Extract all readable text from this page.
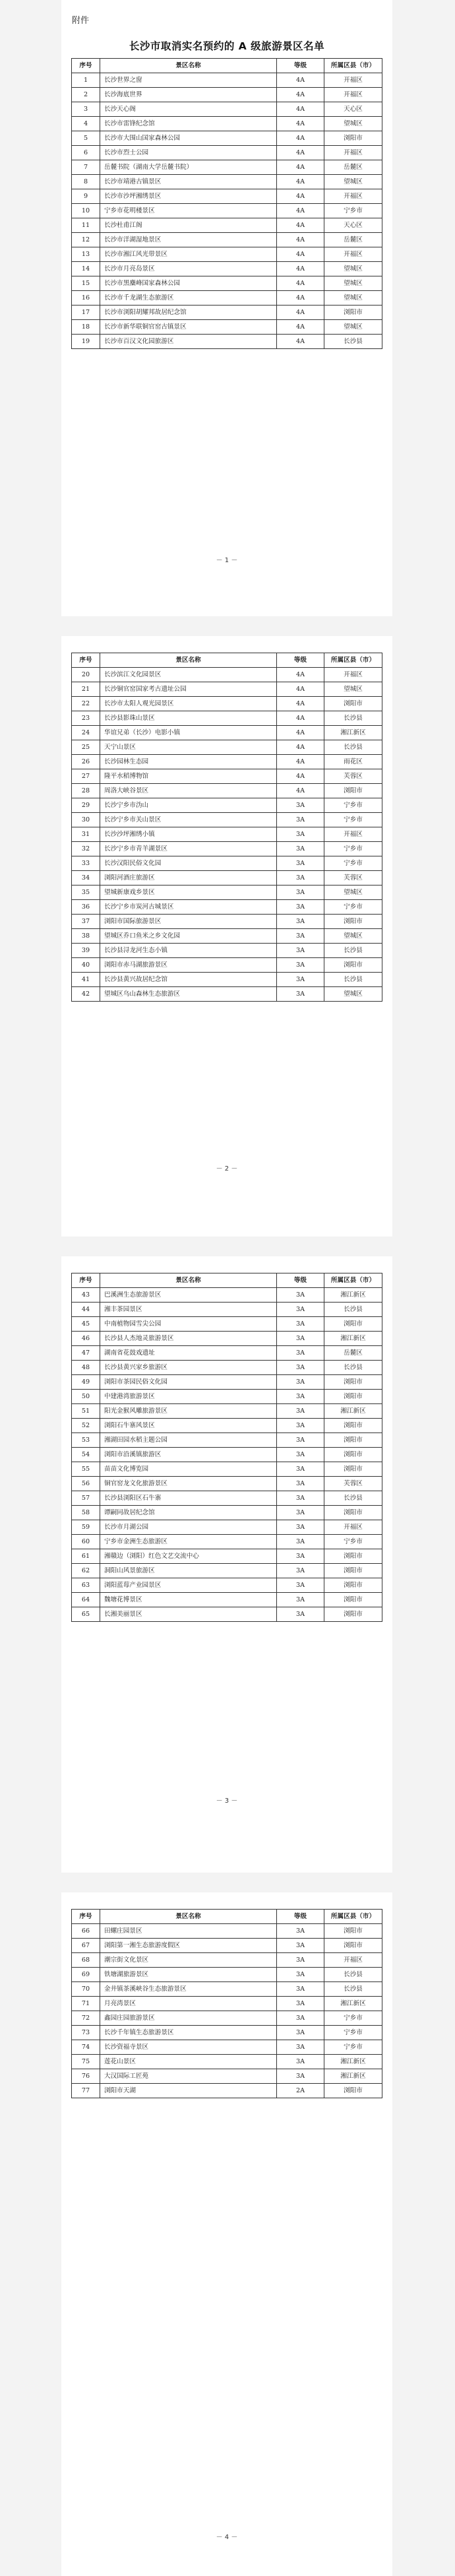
附件
长沙市取消实名预约的 A 级旅游景区名单
序号	景区名称	等级	所属区县（市）
1	长沙世界之窗	4A	开福区
2	长沙海底世界	4A	开福区
3	长沙天心阁	4A	天心区
4	长沙市雷锋纪念馆	4A	望城区
5	长沙市大围山国家森林公园	4A	浏阳市
6	长沙市烈士公园	4A	开福区
7	岳麓书院（湖南大学岳麓书院）	4A	岳麓区
8	长沙市靖港古镇景区	4A	望城区
9	长沙市沙坪湘绣景区	4A	开福区
10	宁乡市花明楼景区	4A	宁乡市
11	长沙杜甫江阁	4A	天心区
12	长沙市洋湖湿地景区	4A	岳麓区
13	长沙市湘江风光带景区	4A	开福区
14	长沙市月亮岛景区	4A	望城区
15	长沙市黑麋峰国家森林公园	4A	望城区
16	长沙市千龙湖生态旅游区	4A	望城区
17	长沙市浏阳胡耀邦故居纪念馆	4A	浏阳市
18	长沙市新华联铜官窑古镇景区	4A	望城区
19	长沙市百汉文化园旅游区	4A	长沙县
－ 1 －
序号	景区名称	等级	所属区县（市）
20	长沙滨江文化园景区	4A	开福区
21	长沙铜官窑国家考古遗址公园	4A	望城区
22	长沙市太阳人观光园景区	4A	浏阳市
23	长沙县影珠山景区	4A	长沙县
24	华谊兄弟（长沙）电影小镇	4A	湘江新区
25	天宁山景区	4A	长沙县
26	长沙园林生态园	4A	雨花区
27	隆平水稻博物馆	4A	芙蓉区
28	周洛大峡谷景区	4A	浏阳市
29	长沙宁乡市沩山	3A	宁乡市
30	长沙宁乡市关山景区	3A	宁乡市
31	长沙沙坪湘绣小镇	3A	开福区
32	长沙宁乡市青羊湖景区	3A	宁乡市
33	长沙汉阳民俗文化园	3A	宁乡市
34	浏阳河酒庄旅游区	3A	芙蓉区
35	望城新康戏乡景区	3A	望城区
36	长沙宁乡市炭河古城景区	3A	宁乡市
37	浏阳市国际旅游景区	3A	浏阳市
38	望城区乔口鱼米之乡文化园	3A	望城区
39	长沙县浔龙河生态小镇	3A	长沙县
40	浏阳市赤马湖旅游景区	3A	浏阳市
41	长沙县黄兴故居纪念馆	3A	长沙县
42	望城区乌山森林生态旅游区	3A	望城区
－ 2 －
序号	景区名称	等级	所属区县（市）
43	巴溪洲生态旅游景区	3A	湘江新区
44	湘丰茶园景区	3A	长沙县
45	中南植物园雪尖公园	3A	浏阳市
46	长沙县人杰地灵旅游景区	3A	湘江新区
47	湖南省花鼓戏遗址	3A	岳麓区
48	长沙县黄兴家乡旅游区	3A	长沙县
49	浏阳市茶园民俗文化园	3A	浏阳市
50	中建港湾旅游景区	3A	浏阳市
51	阳光金猴风雕旅游景区	3A	湘江新区
52	浏阳石牛寨风景区	3A	浏阳市
53	湘湖田园水稻主题公园	3A	浏阳市
54	浏阳市沿溪镇旅游区	3A	浏阳市
55	苗苗文化博览园	3A	浏阳市
56	铜官窑龙文化旅游景区	3A	芙蓉区
57	长沙县浏阳区石牛寨	3A	长沙县
58	谭嗣同故居纪念馆	3A	浏阳市
59	长沙市月湖公园	3A	开福区
60	宁乡市金洲生态旅游区	3A	宁乡市
61	湘赣边（浏阳）红色文艺交流中心	3A	浏阳市
62	洞阳山风景旅游区	3A	浏阳市
63	浏阳蓝莓产业园景区	3A	浏阳市
64	魏塘花博景区	3A	浏阳市
65	长湘美丽景区	3A	浏阳市
－ 3 －
序号	景区名称	等级	所属区县（市）
66	田螺庄园景区	3A	浏阳市
67	浏阳第一湘生态旅游度假区	3A	浏阳市
68	潮宗街文化景区	3A	开福区
69	铁塘湖旅游景区	3A	长沙县
70	金井镇茶溪峡谷生态旅游景区	3A	长沙县
71	月亮湾景区	3A	湘江新区
72	鑫园庄园旅游景区	3A	宁乡市
73	长沙千年镇生态旅游景区	3A	宁乡市
74	长沙资福寺景区	3A	宁乡市
75	莲花山景区	3A	湘江新区
76	大汉国际工匠苑	3A	湘江新区
77	浏阳市天湖	2A	浏阳市
－ 4 －
